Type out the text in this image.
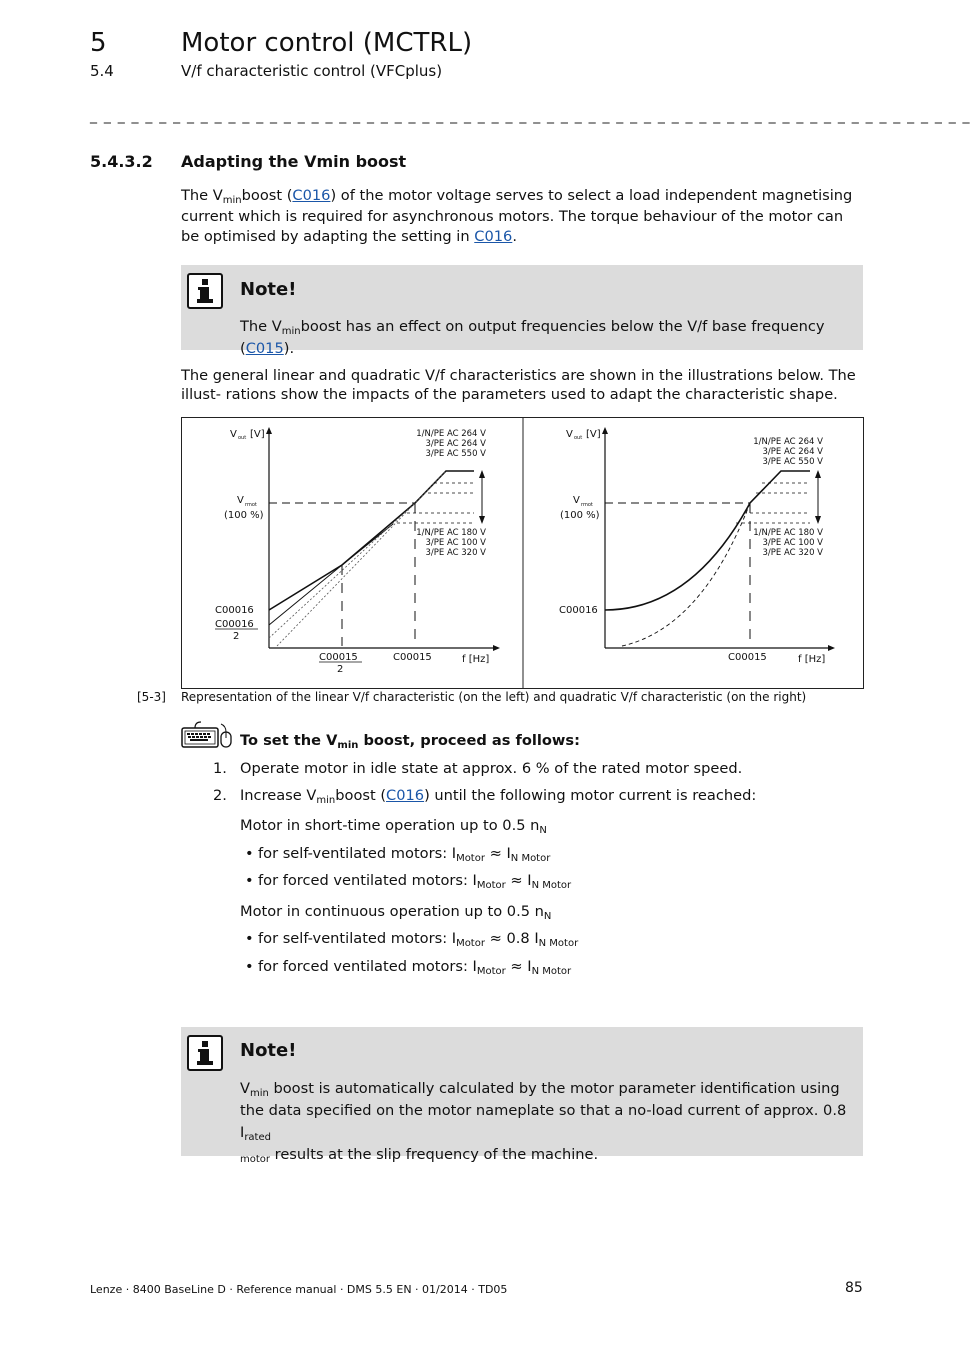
5	Motor control (MCTRL)
5.4	V/f characteristic control (VFCplus)
_ _ _ _ _ _ _ _ _ _ _ _ _ _ _ _ _ _ _ _ _ _ _ _ _ _ _ _ _ _ _ _ _ _ _ _ _ _ _ _ _ _ _ _ _ _ _ _ _ _ _ _ _ _ _ _ _ _ _ _ _ _ _ _
5.4.3.2 Adapting the Vmin boost
The $V_{min}boost$ (C016) of the motor voltage serves to select a load independent magnetising current which is required for asynchronous motors. The torque behaviour of the motor can be optimised by adapting the setting in C016.
Note!
The $V_{min}boost$ has an effect on output frequencies below the V/f base frequency (C015).
The general linear and quadratic V/f characteristics are shown in the illustrations below. The illust- rations show the impacts of the parameters used to adapt the characteristic shape.
V out [V]
V rmot
(100 %)
1/N/PE AC 264 V
3/PE AC 264 V
3/PE AC 550 V
1/N/PE AC 180 V
3/PE AC 100 V
3/PE AC 320 V
C00016
C00016
2
C00015
2
C00015	f [Hz]
V out [V]
V rmot
(100 %)
1/N/PE AC 264 V
3/PE AC 264 V
3/PE AC 550 V
1/N/PE AC 180 V
3/PE AC 100 V
3/PE AC 320 V
C00016
C00015	f [Hz]
[5-3] Representation of the linear V/f characteristic (on the left) and quadratic V/f characteristic (on the right)
To set the $V_{min}$ boost, proceed as follows:
1. Operate motor in idle state at approx. 6 % of the rated motor speed.
2. Increase $V_{min}boost$ (C016) until the following motor current is reached:
Motor in short-time operation up to 0.5 $n_N$
• for self-ventilated motors: $I_{Motor} \approx I_{N Motor}$
• for forced ventilated motors: $I_{Motor} \approx I_{N Motor}$
Motor in continuous operation up to 0.5 $n_N$
• for self-ventilated motors: $I_{Motor} \approx 0.8$ $I_{N Motor}$
• for forced ventilated motors: $I_{Motor} \approx I_{N Motor}$
Note!
$V_{min}$ boost is automatically calculated by the motor parameter identification using the data specified on the motor nameplate so that a no-load current of approx. 0.8 $I_{rated}$
$_{motor}$ results at the slip frequency of the machine.
Lenze · 8400 BaseLine D · Reference manual · DMS 5.5 EN · 01/2014 · TD05	85
